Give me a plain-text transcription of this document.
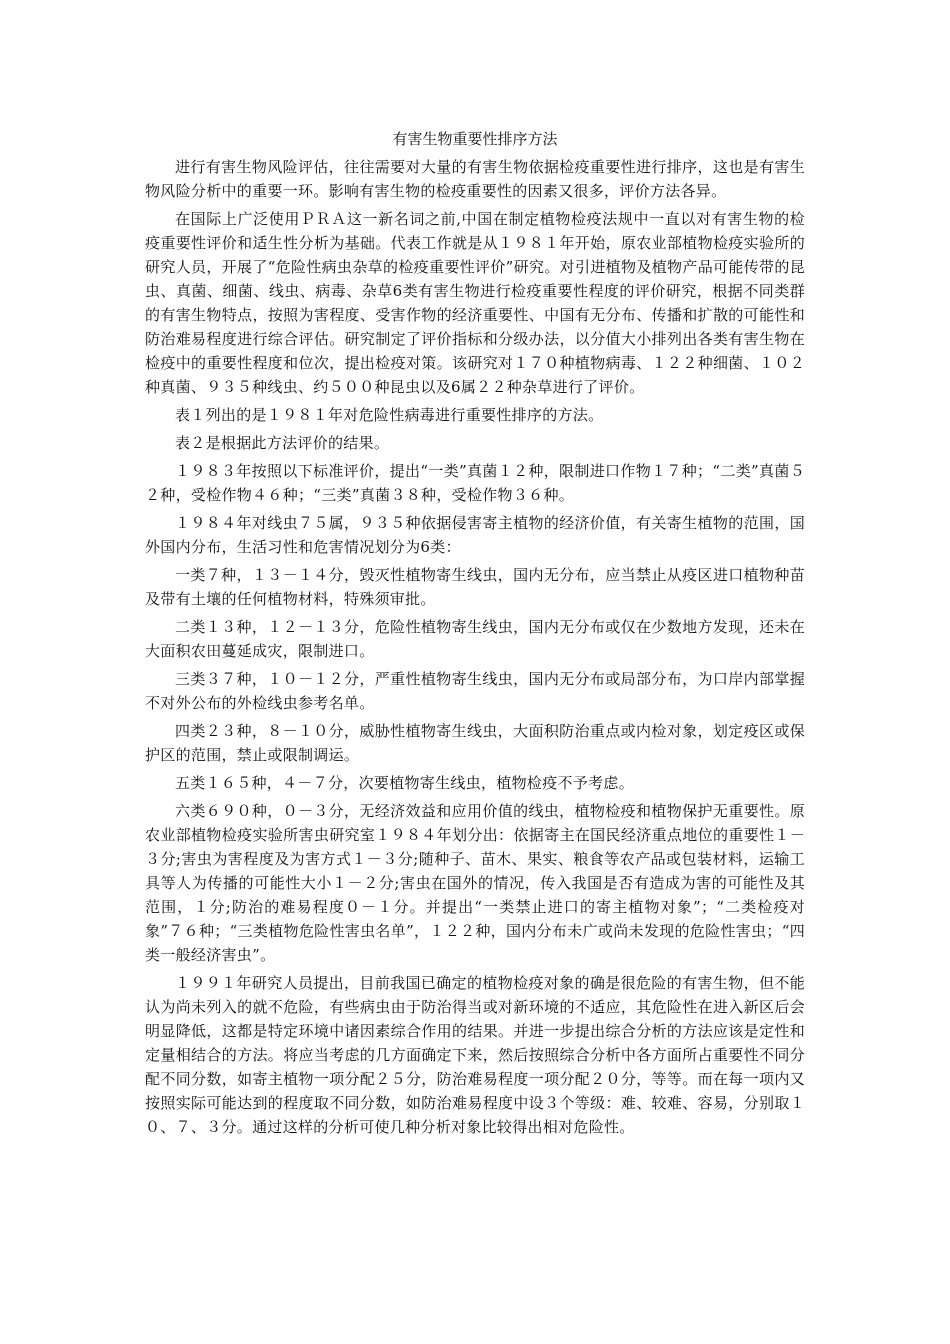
有害生物重要性排序方法

进行有害生物风险评估，往往需要对大量的有害生物依据检疫重要性进行排序，这也是有害生物风险分析中的重要一环。影响有害生物的检疫重要性的因素又很多，评价方法各异。

在国际上广泛使用ＰＲＡ这一新名词之前,中国在制定植物检疫法规中一直以对有害生物的检疫重要性评价和适生性分析为基础。代表工作就是从１９８１年开始，原农业部植物检疫实验所的研究人员，开展了“危险性病虫杂草的检疫重要性评价”研究。对引进植物及植物产品可能传带的昆虫、真菌、细菌、线虫、病毒、杂草6类有害生物进行检疫重要性程度的评价研究，根据不同类群的有害生物特点，按照为害程度、受害作物的经济重要性、中国有无分布、传播和扩散的可能性和防治难易程度进行综合评估。研究制定了评价指标和分级办法，以分值大小排列出各类有害生物在检疫中的重要性程度和位次，提出检疫对策。该研究对１７０种植物病毒、１２２种细菌、１０２种真菌、９３５种线虫、约５００种昆虫以及6属２２种杂草进行了评价。

表１列出的是１９８１年对危险性病毒进行重要性排序的方法。

表２是根据此方法评价的结果。

１９８３年按照以下标准评价，提出“一类”真菌１２种，限制进口作物１７种；“二类”真菌５２种，受检作物４６种；“三类”真菌３８种，受检作物３６种。

１９８４年对线虫７５属，９３５种依据侵害寄主植物的经济价值，有关寄生植物的范围，国外国内分布，生活习性和危害情况划分为6类：

一类７种，１３－１４分，毁灭性植物寄生线虫，国内无分布，应当禁止从疫区进口植物种苗及带有土壤的任何植物材料，特殊须审批。

二类１３种，１２－１３分，危险性植物寄生线虫，国内无分布或仅在少数地方发现，还未在大面积农田蔓延成灾，限制进口。

三类３７种，１０－１２分，严重性植物寄生线虫，国内无分布或局部分布，为口岸内部掌握不对外公布的外检线虫参考名单。

四类２３种，８－１０分，威胁性植物寄生线虫，大面积防治重点或内检对象，划定疫区或保护区的范围，禁止或限制调运。

五类１６５种，４－７分，次要植物寄生线虫，植物检疫不予考虑。

六类６９０种，０－３分，无经济效益和应用价值的线虫，植物检疫和植物保护无重要性。原农业部植物检疫实验所害虫研究室１９８４年划分出：依据寄主在国民经济重点地位的重要性１－３分;害虫为害程度及为害方式１－３分;随种子、苗木、果实、粮食等农产品或包装材料，运输工具等人为传播的可能性大小１－２分;害虫在国外的情况，传入我国是否有造成为害的可能性及其范围，１分;防治的难易程度０－１分。并提出“一类禁止进口的寄主植物对象”；“二类检疫对象”７６种；“三类植物危险性害虫名单”，１２２种，国内分布未广或尚未发现的危险性害虫；“四类一般经济害虫”。

１９９１年研究人员提出，目前我国已确定的植物检疫对象的确是很危险的有害生物，但不能认为尚未列入的就不危险，有些病虫由于防治得当或对新环境的不适应，其危险性在进入新区后会明显降低，这都是特定环境中诸因素综合作用的结果。并进一步提出综合分析的方法应该是定性和定量相结合的方法。将应当考虑的几方面确定下来，然后按照综合分析中各方面所占重要性不同分配不同分数，如寄主植物一项分配２５分，防治难易程度一项分配２０分，等等。而在每一项内又按照实际可能达到的程度取不同分数，如防治难易程度中设３个等级：难、较难、容易，分别取１０、７、３分。通过这样的分析可使几种分析对象比较得出相对危险性。
